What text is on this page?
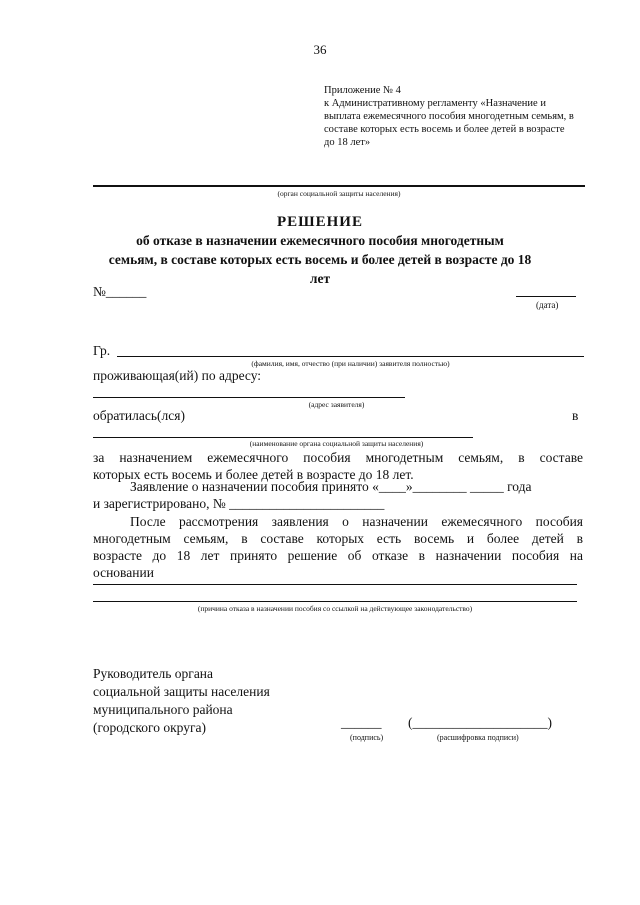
36
Приложение № 4
к Административному регламенту «Назначение и
выплата ежемесячного пособия многодетным семьям, в
составе которых есть восемь и более детей в возрасте
до 18 лет»
(орган социальной защиты населения)
РЕШЕНИЕ
об отказе в назначении ежемесячного пособия многодетным
семьям, в составе которых есть восемь и более детей в возрасте до 18
лет
№______
(дата)
Гр.
(фамилия, имя, отчество (при наличии) заявителя полностью)
проживающая(ий) по адресу:
(адрес заявителя)
обратилась(лся)	в
(наименование органа социальной защиты населения)
за назначением ежемесячного пособия многодетным семьям, в составе
которых есть восемь и более детей в возрасте до 18 лет.
Заявление о назначении пособия принято «____»________ _____ года
и зарегистрировано, № _______________________
После рассмотрения заявления о назначении ежемесячного пособия
многодетным семьям, в составе которых есть восемь и более детей в
возрасте до 18 лет принято решение об отказе в назначении пособия на
основании
(причина отказа в назначении пособия со ссылкой на действующее законодательство)
Руководитель органа
социальной защиты населения
муниципального района
(городского округа)	______ (____________________)
(подпись)	(расшифровка подписи)
